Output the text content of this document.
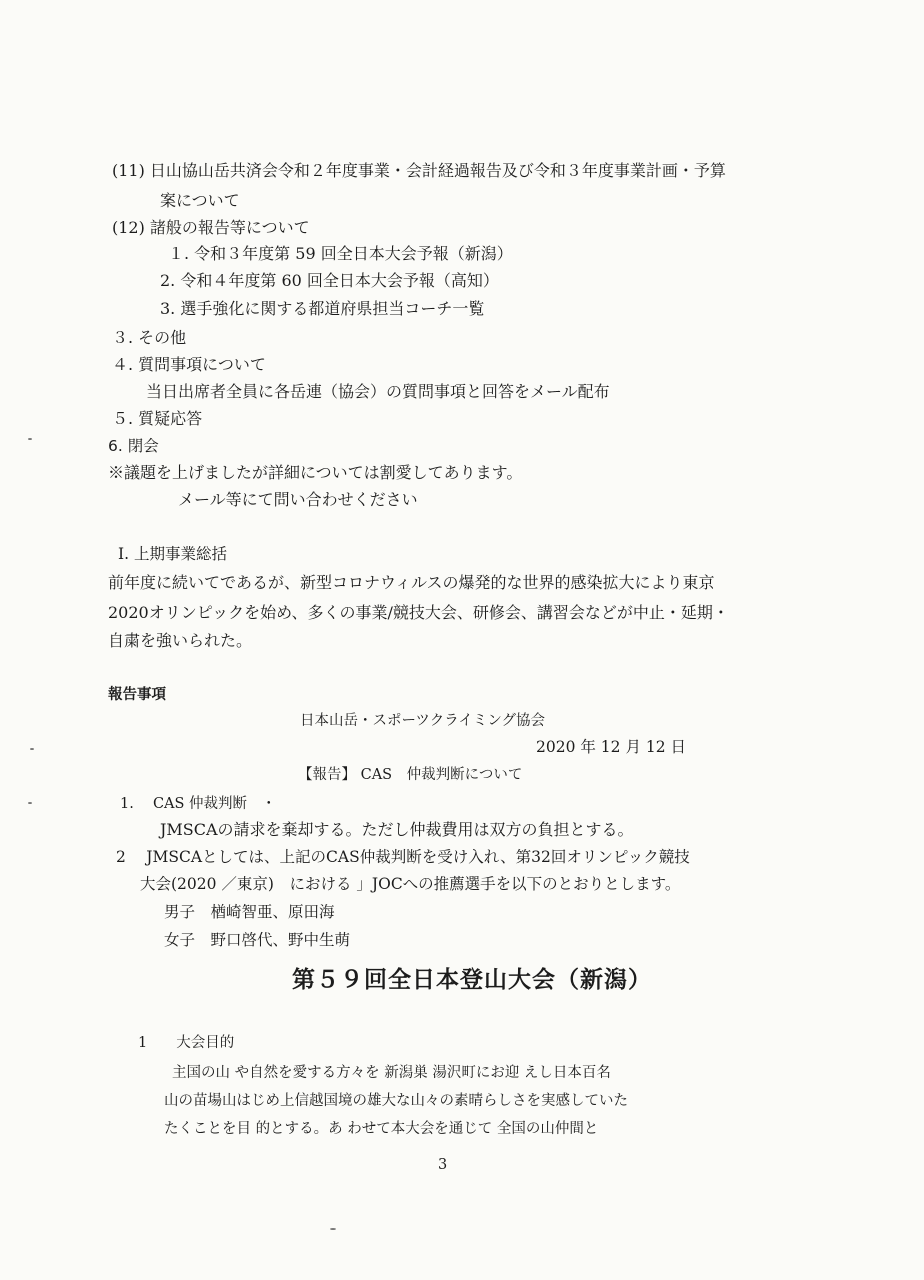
(11) 日山協山岳共済会令和２年度事業・会計経過報告及び令和３年度事業計画・予算
案について
(12) 諸般の報告等について
１. 令和３年度第 59 回全日本大会予報（新潟）
2. 令和４年度第 60 回全日本大会予報（高知）
3. 選手強化に関する都道府県担当コーチ一覧
３. その他
４. 質問事項について
当日出席者全員に各岳連（協会）の質問事項と回答をメール配布
５. 質疑応答
6. 閉会
※議題を上げましたが詳細については割愛してあります。
メール等にて問い合わせください
I. 上期事業総括
前年度に続いてであるが、新型コロナウィルスの爆発的な世界的感染拡大により東京
2020オリンピックを始め、多くの事業/競技大会、研修会、講習会などが中止・延期・
自粛を強いられた。
報告事項
日本山岳・スポーツクライミング協会
2020 年 12 月 12 日
【報告】 CAS　仲裁判断について
1.　 CAS 仲裁判断　・
JMSCAの請求を棄却する。ただし仲裁費用は双方の負担とする。
2　 JMSCAとしては、上記のCAS仲裁判断を受け入れ、第32回オリンピック競技
大会(2020 ／東京)　における 」JOCへの推薦選手を以下のとおりとします。
男子　楢崎智亜、原田海
女子　野口啓代、野中生萌
第５９回全日本登山大会（新潟）
1　　大会目的
主国の山 や自然を愛する方々を 新潟巣 湯沢町にお迎 えし日本百名
山の苗場山はじめ上信越国境の雄大な山々の素晴らしさを実感していた
たくことを目 的とする。あ わせて本大会を通じて 全国の山仲間と
3
